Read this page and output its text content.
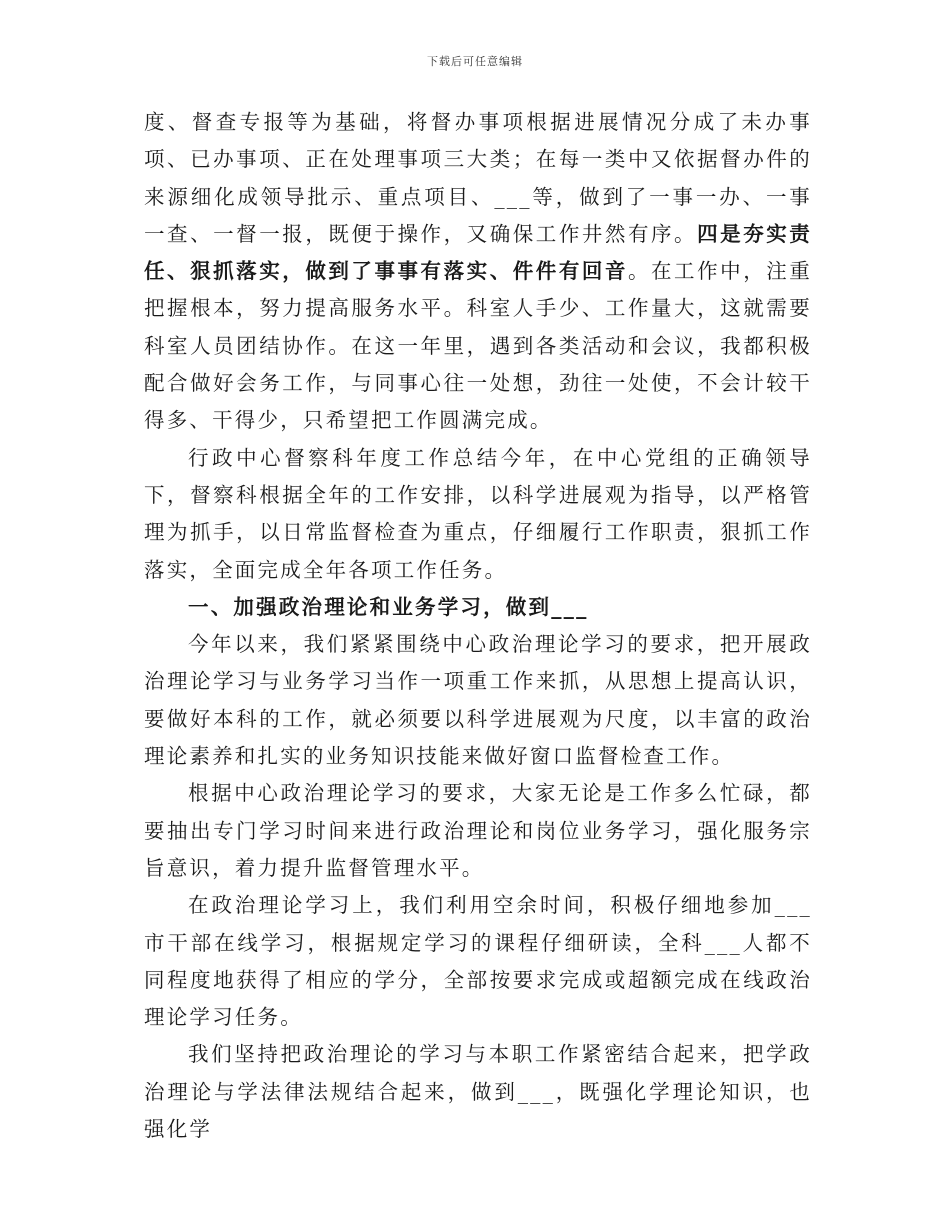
下载后可任意编辑

度、督查专报等为基础，将督办事项根据进展情况分成了未办事项、已办事项、正在处理事项三大类；在每一类中又依据督办件的来源细化成领导批示、重点项目、___等，做到了一事一办、一事一查、一督一报，既便于操作，又确保工作井然有序。四是夯实责任、狠抓落实，做到了事事有落实、件件有回音。在工作中，注重把握根本，努力提高服务水平。科室人手少、工作量大，这就需要科室人员团结协作。在这一年里，遇到各类活动和会议，我都积极配合做好会务工作，与同事心往一处想，劲往一处使，不会计较干得多、干得少，只希望把工作圆满完成。

行政中心督察科年度工作总结今年，在中心党组的正确领导下，督察科根据全年的工作安排，以科学进展观为指导，以严格管理为抓手，以日常监督检查为重点，仔细履行工作职责，狠抓工作落实，全面完成全年各项工作任务。

一、加强政治理论和业务学习，做到___

今年以来，我们紧紧围绕中心政治理论学习的要求，把开展政治理论学习与业务学习当作一项重工作来抓，从思想上提高认识，要做好本科的工作，就必须要以科学进展观为尺度，以丰富的政治理论素养和扎实的业务知识技能来做好窗口监督检查工作。

根据中心政治理论学习的要求，大家无论是工作多么忙碌，都要抽出专门学习时间来进行政治理论和岗位业务学习，强化服务宗旨意识，着力提升监督管理水平。

在政治理论学习上，我们利用空余时间，积极仔细地参加___市干部在线学习，根据规定学习的课程仔细研读，全科___人都不同程度地获得了相应的学分，全部按要求完成或超额完成在线政治理论学习任务。

我们坚持把政治理论的学习与本职工作紧密结合起来，把学政治理论与学法律法规结合起来，做到___，既强化学理论知识，也强化学
